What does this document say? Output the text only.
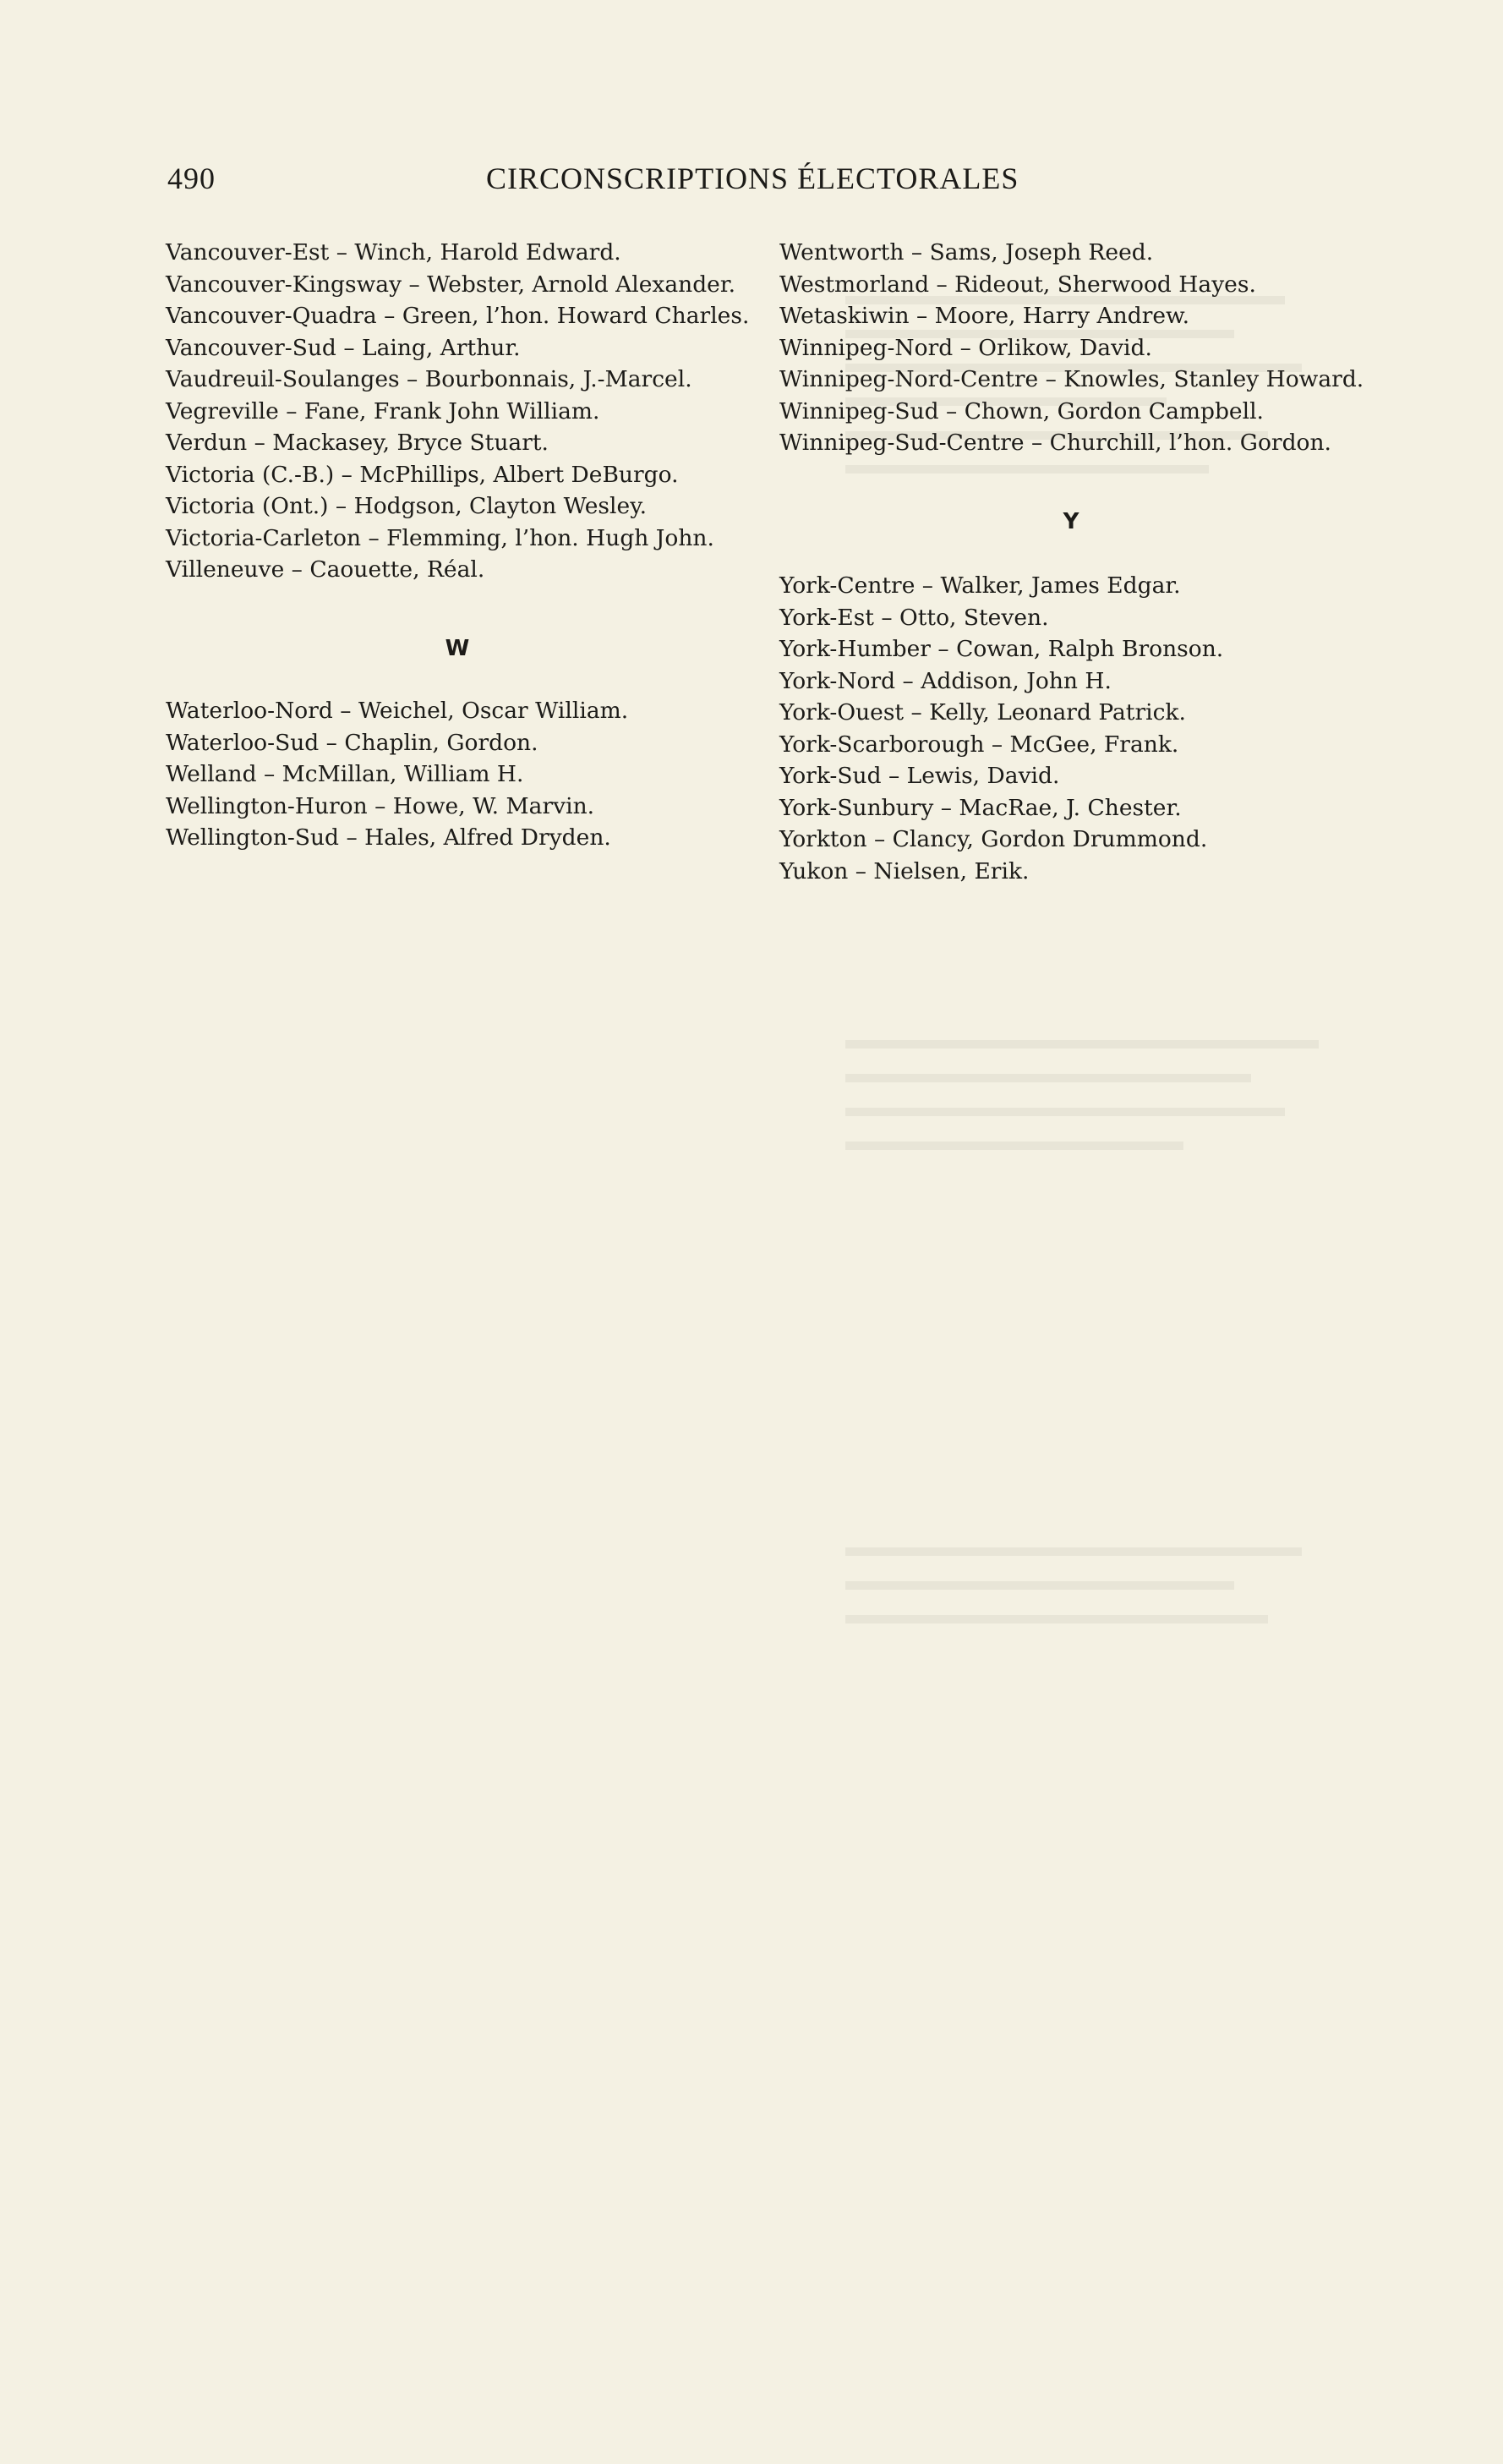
490	CIRCONSCRIPTIONS ÉLECTORALES
Vancouver-Est – Winch, Harold Edward.
Vancouver-Kingsway – Webster, Arnold Alexander.
Vancouver-Quadra – Green, l’hon. Howard Charles.
Vancouver-Sud – Laing, Arthur.
Vaudreuil-Soulanges – Bourbonnais, J.-Marcel.
Vegreville – Fane, Frank John William.
Verdun – Mackasey, Bryce Stuart.
Victoria (C.-B.) – McPhillips, Albert DeBurgo.
Victoria (Ont.) – Hodgson, Clayton Wesley.
Victoria-Carleton – Flemming, l’hon. Hugh John.
Villeneuve – Caouette, Réal.
W
Waterloo-Nord – Weichel, Oscar William.
Waterloo-Sud – Chaplin, Gordon.
Welland – McMillan, William H.
Wellington-Huron – Howe, W. Marvin.
Wellington-Sud – Hales, Alfred Dryden.
Wentworth – Sams, Joseph Reed.
Westmorland – Rideout, Sherwood Hayes.
Wetaskiwin – Moore, Harry Andrew.
Winnipeg-Nord – Orlikow, David.
Winnipeg-Nord-Centre – Knowles, Stanley Howard.
Winnipeg-Sud – Chown, Gordon Campbell.
Winnipeg-Sud-Centre – Churchill, l’hon. Gordon.
Y
York-Centre – Walker, James Edgar.
York-Est – Otto, Steven.
York-Humber – Cowan, Ralph Bronson.
York-Nord – Addison, John H.
York-Ouest – Kelly, Leonard Patrick.
York-Scarborough – McGee, Frank.
York-Sud – Lewis, David.
York-Sunbury – MacRae, J. Chester.
Yorkton – Clancy, Gordon Drummond.
Yukon – Nielsen, Erik.
